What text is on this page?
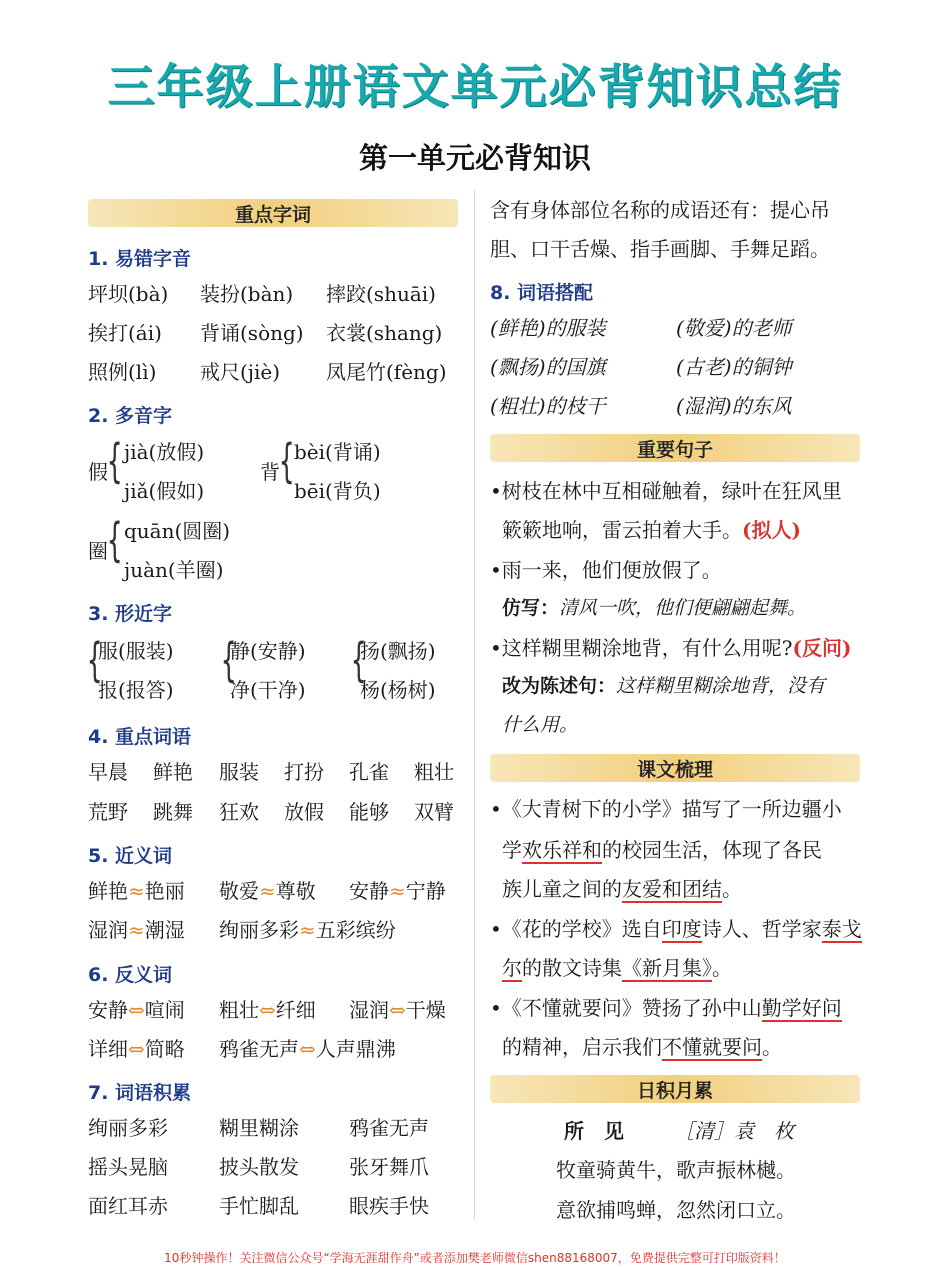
三年级上册语文单元必背知识总结
第一单元必背知识
重点字词
1. 易错字音
坪坝(bà) 装扮(bàn) 摔跤(shuāi)
挨打(ái) 背诵(sòng) 衣裳(shang)
照例(lì) 戒尺(jiè) 凤尾竹(fèng)
2. 多音字
假
{ jià(放假)
jiǎ(假如)
背
{ bèi(背诵)
bēi(背负)
圈
{ quān(圆圈)
juàn(羊圈)
3. 形近字
{	{ {
服(服装)	静(安静)	扬(飘扬)
报(报答)	净(干净)	杨(杨树)
4. 重点词语
早晨 鲜艳 服装 打扮 孔雀 粗壮
荒野 跳舞 狂欢 放假 能够 双臂
5. 近义词
鲜艳≈艳丽 敬爱≈尊敬 安静≈宁静
湿润≈潮湿 绚丽多彩≈五彩缤纷
6. 反义词
安静⇔喧闹 粗壮⇔纤细 湿润⇔干燥
详细⇔简略 鸦雀无声⇔人声鼎沸
7. 词语积累
绚丽多彩	糊里糊涂	鸦雀无声
摇头晃脑	披头散发	张牙舞爪
面红耳赤	手忙脚乱	眼疾手快
含有身体部位名称的成语还有：提心吊
胆、口干舌燥、指手画脚、手舞足蹈。
8. 词语搭配
(鲜艳)的服装	(敬爱)的老师
(飘扬)的国旗	(古老)的铜钟
(粗壮)的枝干	(湿润)的东风
重要句子
•树枝在林中互相碰触着，绿叶在狂风里
簌簌地响，雷云拍着大手。(拟人)
•雨一来，他们便放假了。
仿写：清风一吹，他们便翩翩起舞。
•这样糊里糊涂地背，有什么用呢?(反问)
改为陈述句：这样糊里糊涂地背，没有
什么用。
课文梳理
•《大青树下的小学》描写了一所边疆小
学欢乐祥和的校园生活，体现了各民
族儿童之间的友爱和团结。
•《花的学校》选自印度诗人、哲学家泰戈
尔的散文诗集《新月集》。
•《不懂就要问》赞扬了孙中山勤学好问
的精神，启示我们不懂就要问。
日积月累
所　见	［清］袁　枚
牧童骑黄牛，歌声振林樾。
意欲捕鸣蝉，忽然闭口立。
10秒钟操作！关注微信公众号“学海无涯甜作舟”或者添加樊老师微信shen88168007，免费提供完整可打印版资料！
